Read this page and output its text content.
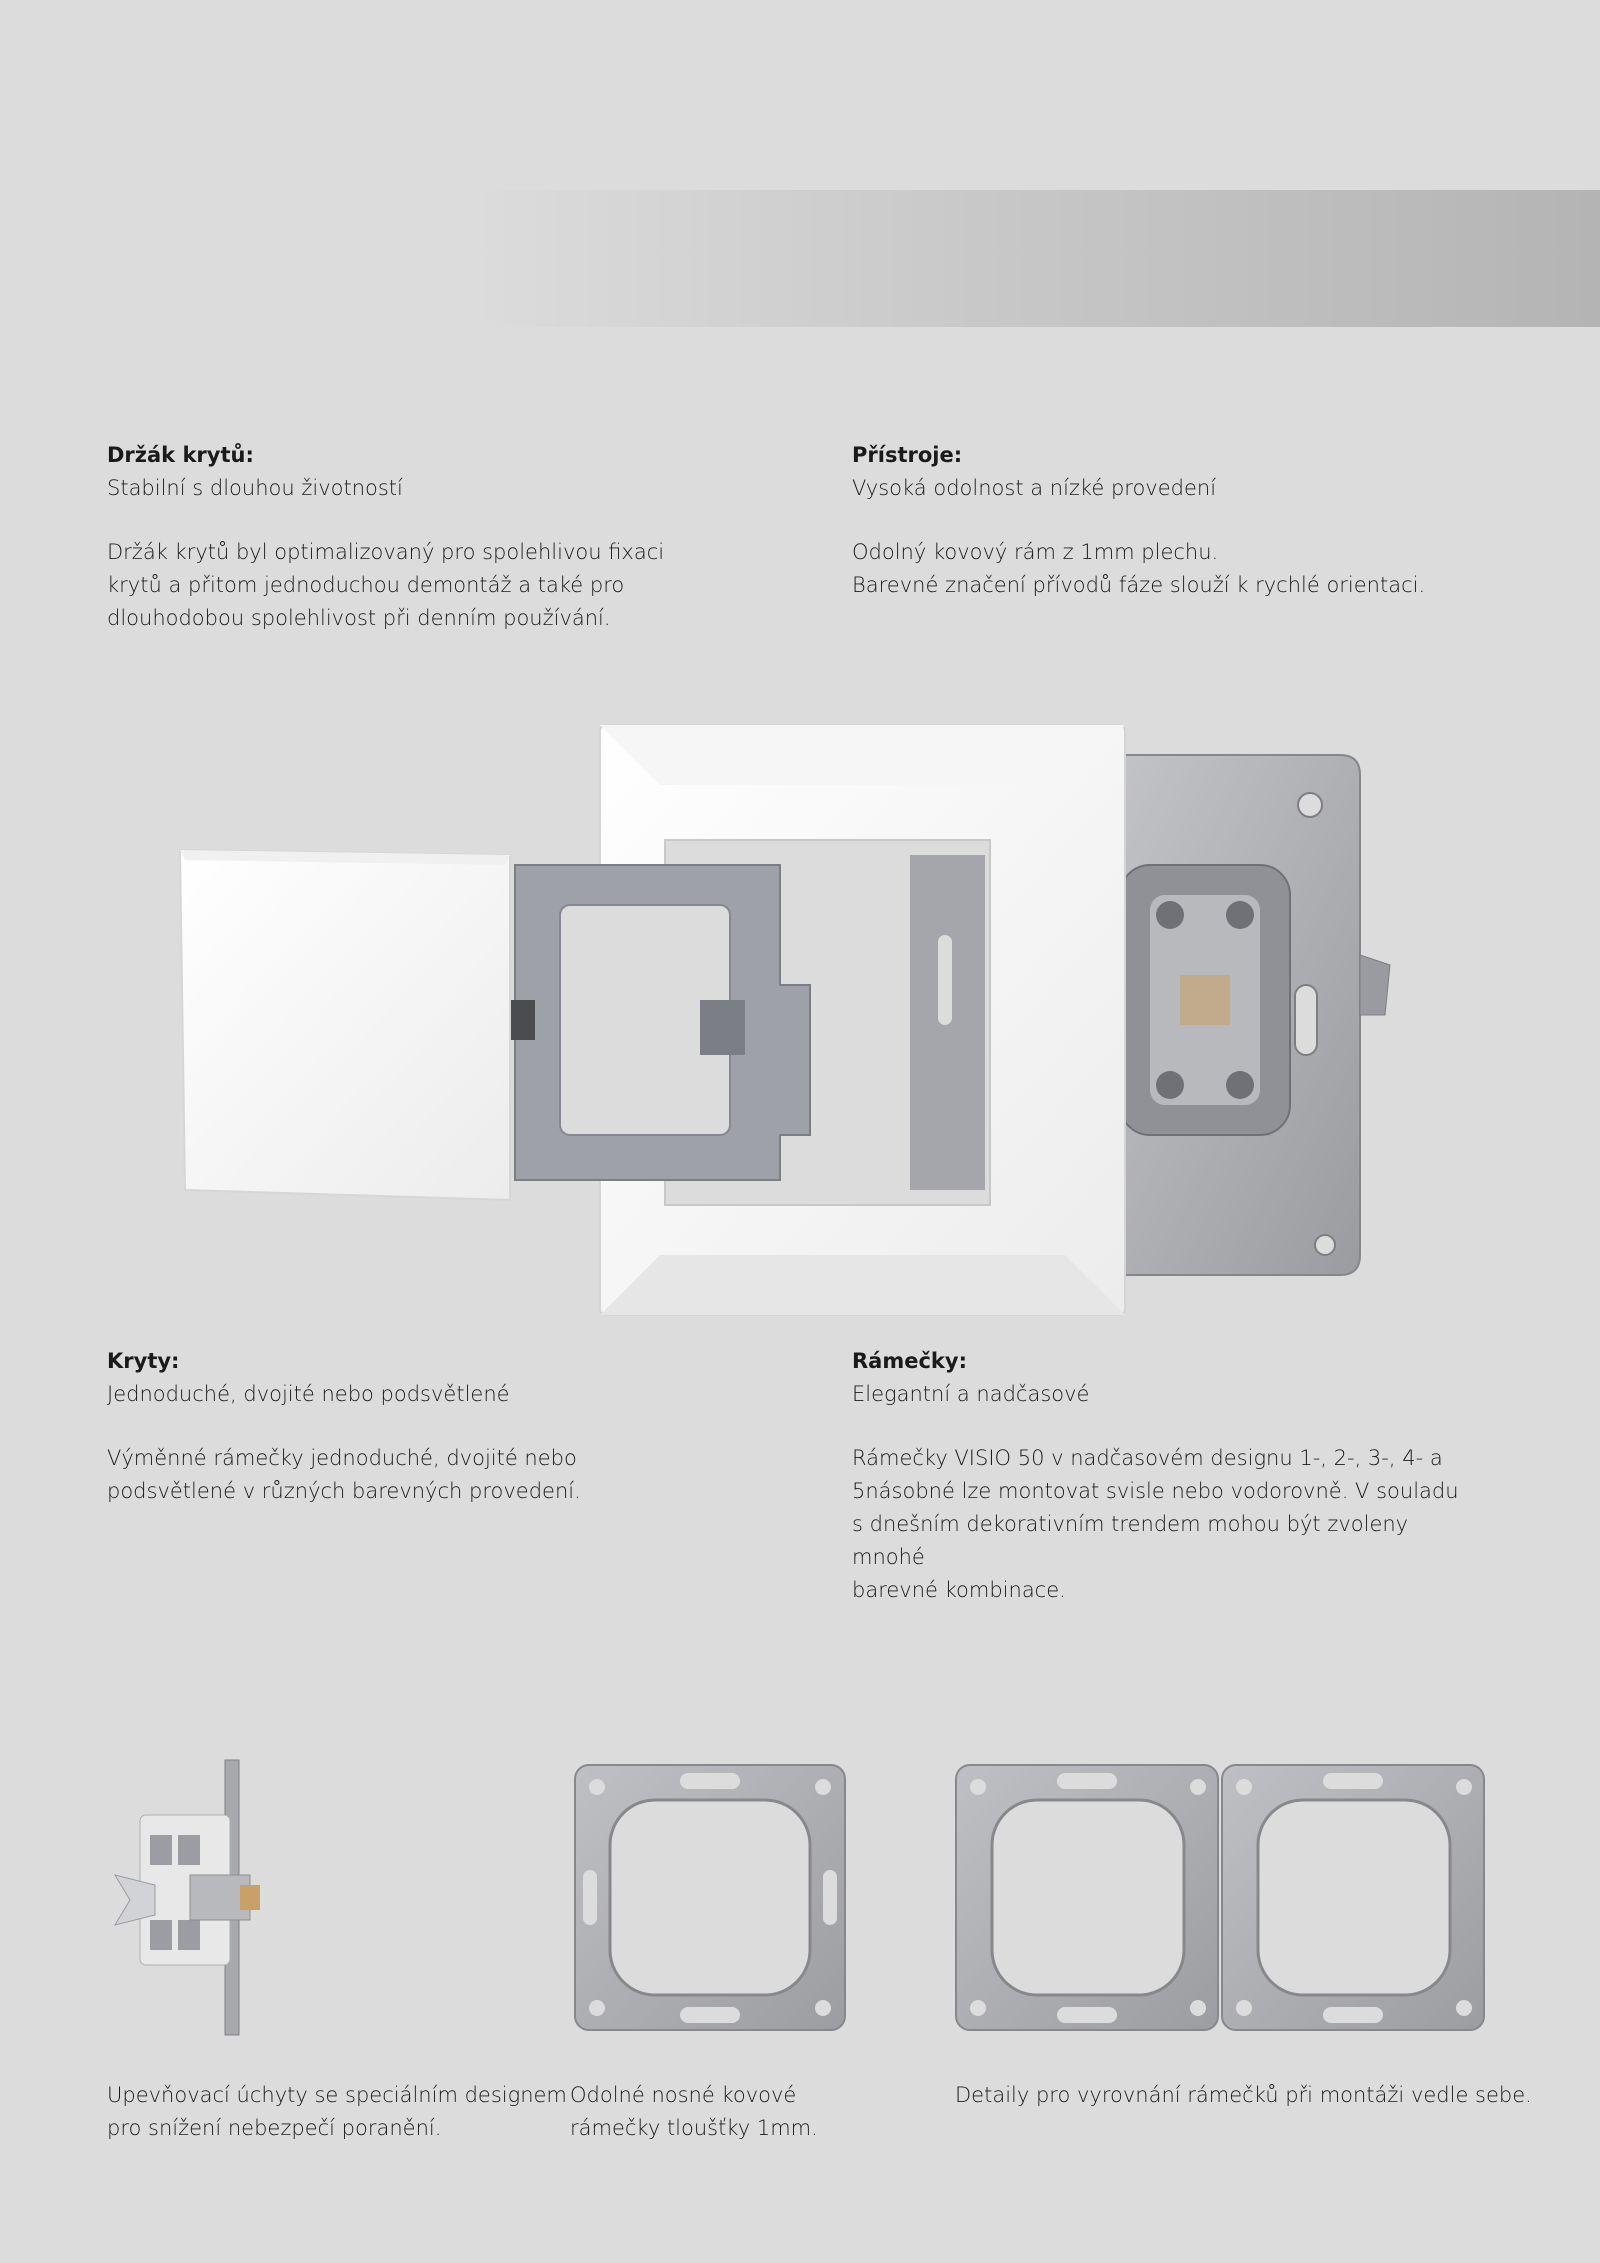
Držák krytů:

Stabilní s dlouhou životností

Držák krytů byl optimalizovaný pro spolehlivou fixaci

krytů a přitom jednoduchou demontáž a také pro

dlouhodobou spolehlivost při denním používání.

Přístroje:

Vysoká odolnost a nízké provedení

Odolný kovový rám z 1mm plechu.

Barevné značení přívodů fáze slouží k rychlé orientaci.

Kryty:

Jednoduché, dvojité nebo podsvětlené

Výměnné rámečky jednoduché, dvojité nebo

podsvětlené v různých barevných provedení.

Rámečky:

Elegantní a nadčasové

Rámečky VISIO 50 v nadčasovém designu 1-, 2-, 3-, 4- a

5násobné lze montovat svisle nebo vodorovně. V souladu

s dnešním dekorativním trendem mohou být zvoleny mnohé

barevné kombinace.

Upevňovací úchyty se speciálním designem

pro snížení nebezpečí poranění.

Odolné nosné kovové

rámečky tloušťky 1mm.

Detaily pro vyrovnání rámečků při montáži vedle sebe.
